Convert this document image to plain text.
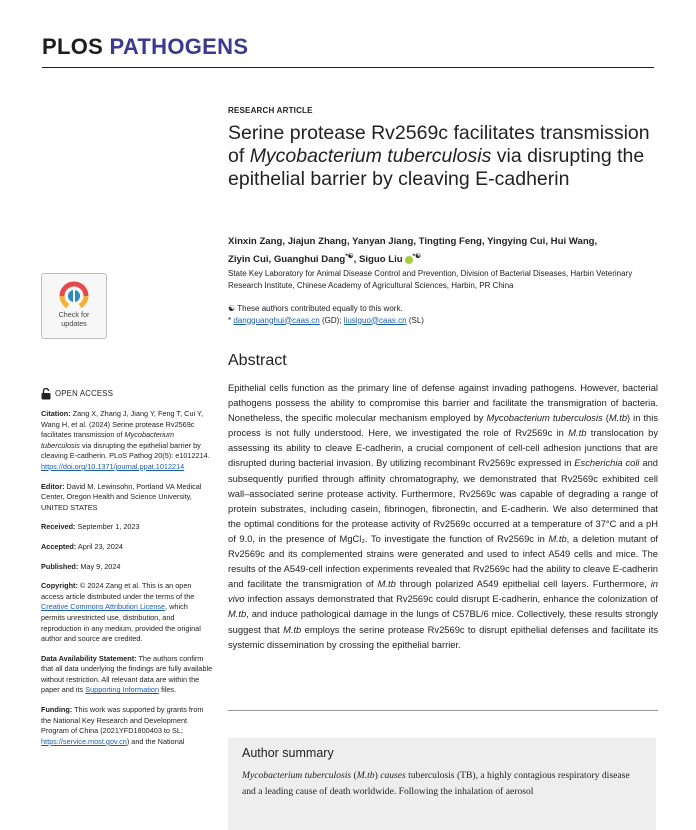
PLOS PATHOGENS
RESEARCH ARTICLE
Serine protease Rv2569c facilitates transmission of Mycobacterium tuberculosis via disrupting the epithelial barrier by cleaving E-cadherin
Xinxin Zang, Jiajun Zhang, Yanyan Jiang, Tingting Feng, Yingying Cui, Hui Wang,
Ziyin Cui, Guanghui Dang*☯, Siguo Liu *☯
State Key Laboratory for Animal Disease Control and Prevention, Division of Bacterial Diseases, Harbin Veterinary Research Institute, Chinese Academy of Agricultural Sciences, Harbin, PR China
☯ These authors contributed equally to this work.
* dangguanghui@caas.cn (GD); liusiguo@caas.cn (SL)
Abstract
Epithelial cells function as the primary line of defense against invading pathogens. However, bacterial pathogens possess the ability to compromise this barrier and facilitate the transmigration of bacteria. Nonetheless, the specific molecular mechanism employed by Mycobacterium tuberculosis (M.tb) in this process is not fully understood. Here, we investigated the role of Rv2569c in M.tb translocation by assessing its ability to cleave E-cadherin, a crucial component of cell-cell adhesion junctions that are disrupted during bacterial invasion. By utilizing recombinant Rv2569c expressed in Escherichia coli and subsequently purified through affinity chromatography, we demonstrated that Rv2569c exhibited cell wall–associated serine protease activity. Furthermore, Rv2569c was capable of degrading a range of protein substrates, including casein, fibrinogen, fibronectin, and E-cadherin. We also determined that the optimal conditions for the protease activity of Rv2569c occurred at a temperature of 37°C and a pH of 9.0, in the presence of MgCl₂. To investigate the function of Rv2569c in M.tb, a deletion mutant of Rv2569c and its complemented strains were generated and used to infect A549 cells and mice. The results of the A549-cell infection experiments revealed that Rv2569c had the ability to cleave E-cadherin and facilitate the transmigration of M.tb through polarized A549 epithelial cell layers. Furthermore, in vivo infection assays demonstrated that Rv2569c could disrupt E-cadherin, enhance the colonization of M.tb, and induce pathological damage in the lungs of C57BL/6 mice. Collectively, these results strongly suggest that M.tb employs the serine protease Rv2569c to disrupt epithelial defenses and facilitate its systemic dissemination by crossing the epithelial barrier.
Author summary
Mycobacterium tuberculosis (M.tb) causes tuberculosis (TB), a highly contagious respiratory disease and a leading cause of death worldwide. Following the inhalation of aerosol
Check for
updates
OPEN ACCESS
Citation: Zang X, Zhang J, Jiang Y, Feng T, Cui Y, Wang H, et al. (2024) Serine protease Rv2569c facilitates transmission of Mycobacterium tuberculosis via disrupting the epithelial barrier by cleaving E-cadherin. PLoS Pathog 20(5): e1012214. https://doi.org/10.1371/journal.ppat.1012214
Editor: David M. Lewinsohn, Portland VA Medical Center, Oregon Health and Science University, UNITED STATES
Received: September 1, 2023
Accepted: April 23, 2024
Published: May 9, 2024
Copyright: © 2024 Zang et al. This is an open access article distributed under the terms of the Creative Commons Attribution License, which permits unrestricted use, distribution, and reproduction in any medium, provided the original author and source are credited.
Data Availability Statement: The authors confirm that all data underlying the findings are fully available without restriction. All relevant data are within the paper and its Supporting Information files.
Funding: This work was supported by grants from the National Key Research and Development Program of China (2021YFD1800403 to SL; https://service.most.gov.cn) and the National
